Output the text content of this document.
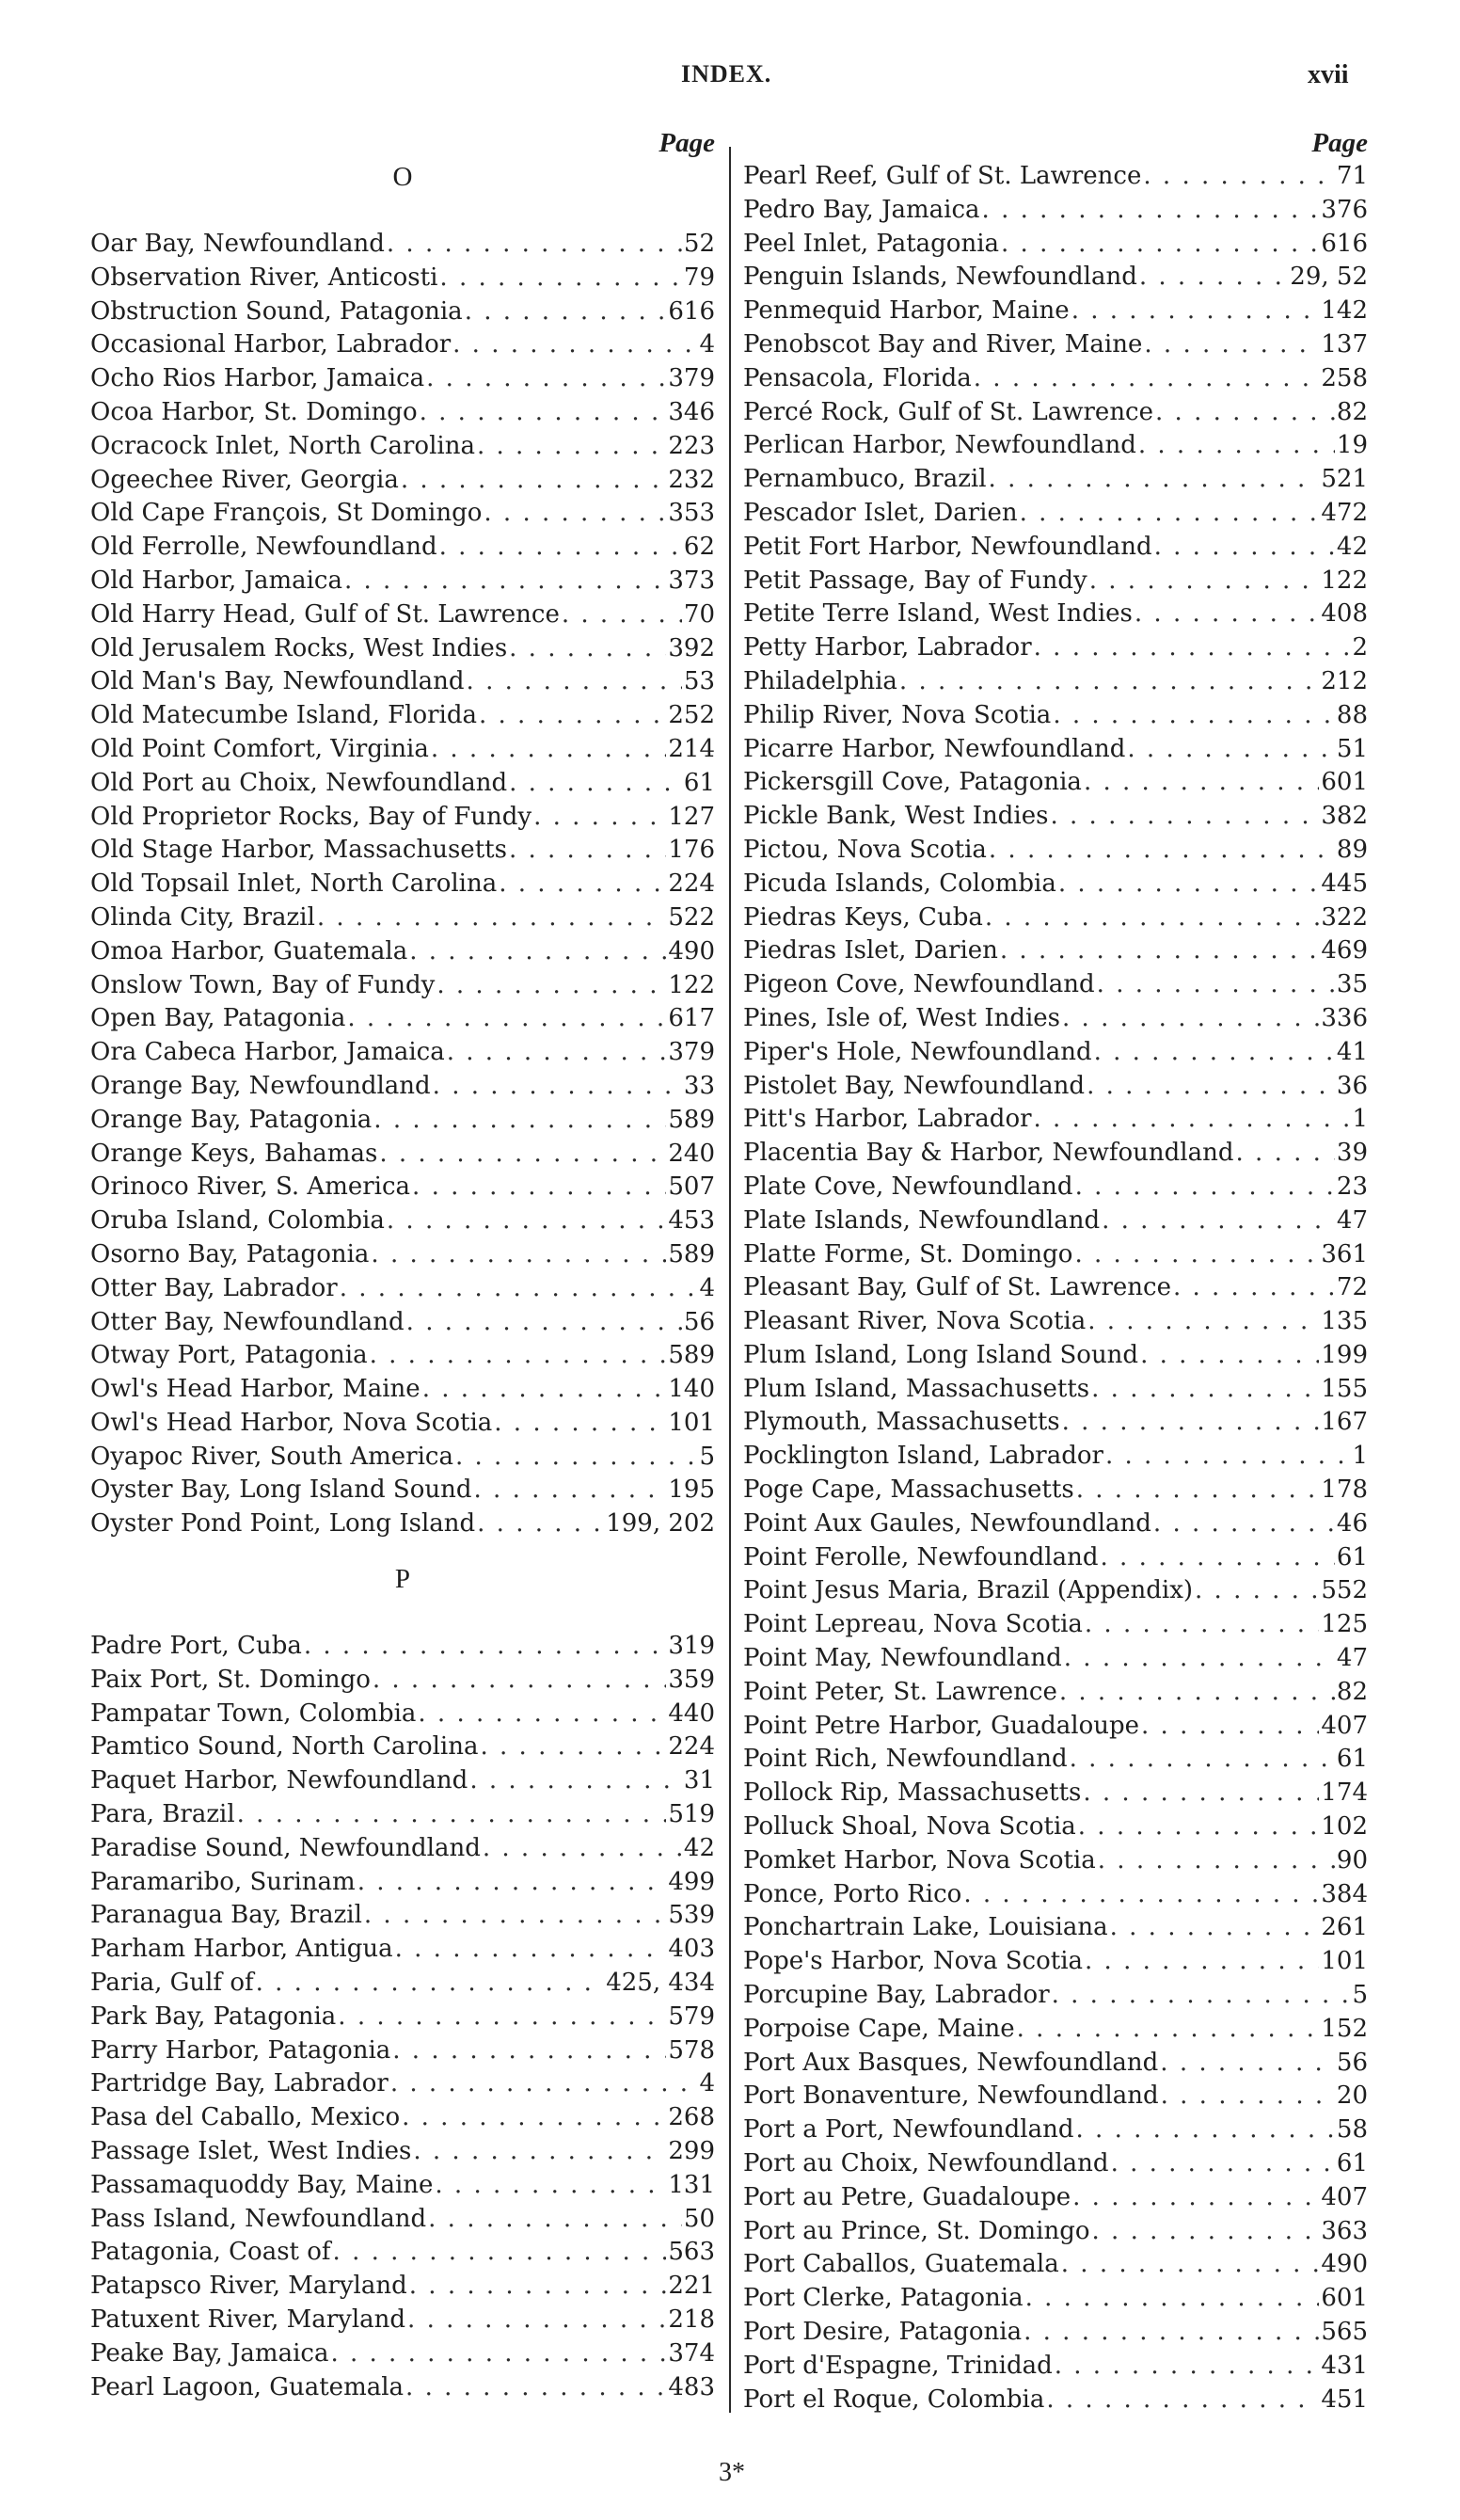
INDEX.	xvii
Page
O
Oar Bay, Newfoundland . . .	52
Observation River, Anticosti . . .	79
Obstruction Sound, Patagonia . . .	616
Occasional Harbor, Labrador . . .	4
Ocho Rios Harbor, Jamaica . . .	379
Ocoa Harbor, St. Domingo . . .	346
Ocracock Inlet, North Carolina . . .	223
Ogeechee River, Georgia . . .	232
Old Cape François, St Domingo . . .	353
Old Ferrolle, Newfoundland . . .	62
Old Harbor, Jamaica . . .	373
Old Harry Head, Gulf of St. Lawrence . . .	70
Old Jerusalem Rocks, West Indies . . .	392
Old Man's Bay, Newfoundland . . .	53
Old Matecumbe Island, Florida . . .	252
Old Point Comfort, Virginia . . .	214
Old Port au Choix, Newfoundland . . .	61
Old Proprietor Rocks, Bay of Fundy . . .	127
Old Stage Harbor, Massachusetts . . .	176
Old Topsail Inlet, North Carolina . . .	224
Olinda City, Brazil . . .	522
Omoa Harbor, Guatemala . . .	490
Onslow Town, Bay of Fundy . . .	122
Open Bay, Patagonia . . .	617
Ora Cabeca Harbor, Jamaica . . .	379
Orange Bay, Newfoundland . . .	33
Orange Bay, Patagonia . . .	589
Orange Keys, Bahamas . . .	240
Orinoco River, S. America . . .	507
Oruba Island, Colombia . . .	453
Osorno Bay, Patagonia . . .	589
Otter Bay, Labrador . . .	4
Otter Bay, Newfoundland . . .	56
Otway Port, Patagonia . . .	589
Owl's Head Harbor, Maine . . .	140
Owl's Head Harbor, Nova Scotia . . .	101
Oyapoc River, South America . . .	5
Oyster Bay, Long Island Sound . . .	195
Oyster Pond Point, Long Island . . .	199, 202
P
Padre Port, Cuba . . .	319
Paix Port, St. Domingo . . .	359
Pampatar Town, Colombia . . .	440
Pamtico Sound, North Carolina . . .	224
Paquet Harbor, Newfoundland . . .	31
Para, Brazil . . .	519
Paradise Sound, Newfoundland . . .	42
Paramaribo, Surinam . . .	499
Paranagua Bay, Brazil . . .	539
Parham Harbor, Antigua . . .	403
Paria, Gulf of . . .	425, 434
Park Bay, Patagonia . . .	579
Parry Harbor, Patagonia . . .	578
Partridge Bay, Labrador . . .	4
Pasa del Caballo, Mexico . . .	268
Passage Islet, West Indies . . .	299
Passamaquoddy Bay, Maine . . .	131
Pass Island, Newfoundland . . .	50
Patagonia, Coast of . . .	563
Patapsco River, Maryland . . .	221
Patuxent River, Maryland . . .	218
Peake Bay, Jamaica . . .	374
Pearl Lagoon, Guatemala . . .	483
Page
Pearl Reef, Gulf of St. Lawrence . . .	71
Pedro Bay, Jamaica . . .	376
Peel Inlet, Patagonia . . .	616
Penguin Islands, Newfoundland . . .	29, 52
Penmequid Harbor, Maine . . .	142
Penobscot Bay and River, Maine . . .	137
Pensacola, Florida . . .	258
Percé Rock, Gulf of St. Lawrence . . .	82
Perlican Harbor, Newfoundland . . .	19
Pernambuco, Brazil . . .	521
Pescador Islet, Darien . . .	472
Petit Fort Harbor, Newfoundland . . .	42
Petit Passage, Bay of Fundy . . .	122
Petite Terre Island, West Indies . . .	408
Petty Harbor, Labrador . . .	2
Philadelphia . . .	212
Philip River, Nova Scotia . . .	88
Picarre Harbor, Newfoundland . . .	51
Pickersgill Cove, Patagonia . . .	601
Pickle Bank, West Indies . . .	382
Pictou, Nova Scotia . . .	89
Picuda Islands, Colombia . . .	445
Piedras Keys, Cuba . . .	322
Piedras Islet, Darien . . .	469
Pigeon Cove, Newfoundland . . .	35
Pines, Isle of, West Indies . . .	336
Piper's Hole, Newfoundland . . .	41
Pistolet Bay, Newfoundland . . .	36
Pitt's Harbor, Labrador . . .	1
Placentia Bay & Harbor, Newfoundland . . .	39
Plate Cove, Newfoundland . . .	23
Plate Islands, Newfoundland . . .	47
Platte Forme, St. Domingo . . .	361
Pleasant Bay, Gulf of St. Lawrence . . .	72
Pleasant River, Nova Scotia . . .	135
Plum Island, Long Island Sound . . .	199
Plum Island, Massachusetts . . .	155
Plymouth, Massachusetts . . .	167
Pocklington Island, Labrador . . .	1
Poge Cape, Massachusetts . . .	178
Point Aux Gaules, Newfoundland . . .	46
Point Ferolle, Newfoundland . . .	61
Point Jesus Maria, Brazil (Appendix) . . .	552
Point Lepreau, Nova Scotia . . .	125
Point May, Newfoundland . . .	47
Point Peter, St. Lawrence . . .	82
Point Petre Harbor, Guadaloupe . . .	407
Point Rich, Newfoundland . . .	61
Pollock Rip, Massachusetts . . .	174
Polluck Shoal, Nova Scotia . . .	102
Pomket Harbor, Nova Scotia . . .	90
Ponce, Porto Rico . . .	384
Ponchartrain Lake, Louisiana . . .	261
Pope's Harbor, Nova Scotia . . .	101
Porcupine Bay, Labrador . . .	5
Porpoise Cape, Maine . . .	152
Port Aux Basques, Newfoundland . . .	56
Port Bonaventure, Newfoundland . . .	20
Port a Port, Newfoundland . . .	58
Port au Choix, Newfoundland . . .	61
Port au Petre, Guadaloupe . . .	407
Port au Prince, St. Domingo . . .	363
Port Caballos, Guatemala . . .	490
Port Clerke, Patagonia . . .	601
Port Desire, Patagonia . . .	565
Port d'Espagne, Trinidad . . .	431
Port el Roque, Colombia . . .	451
3*
